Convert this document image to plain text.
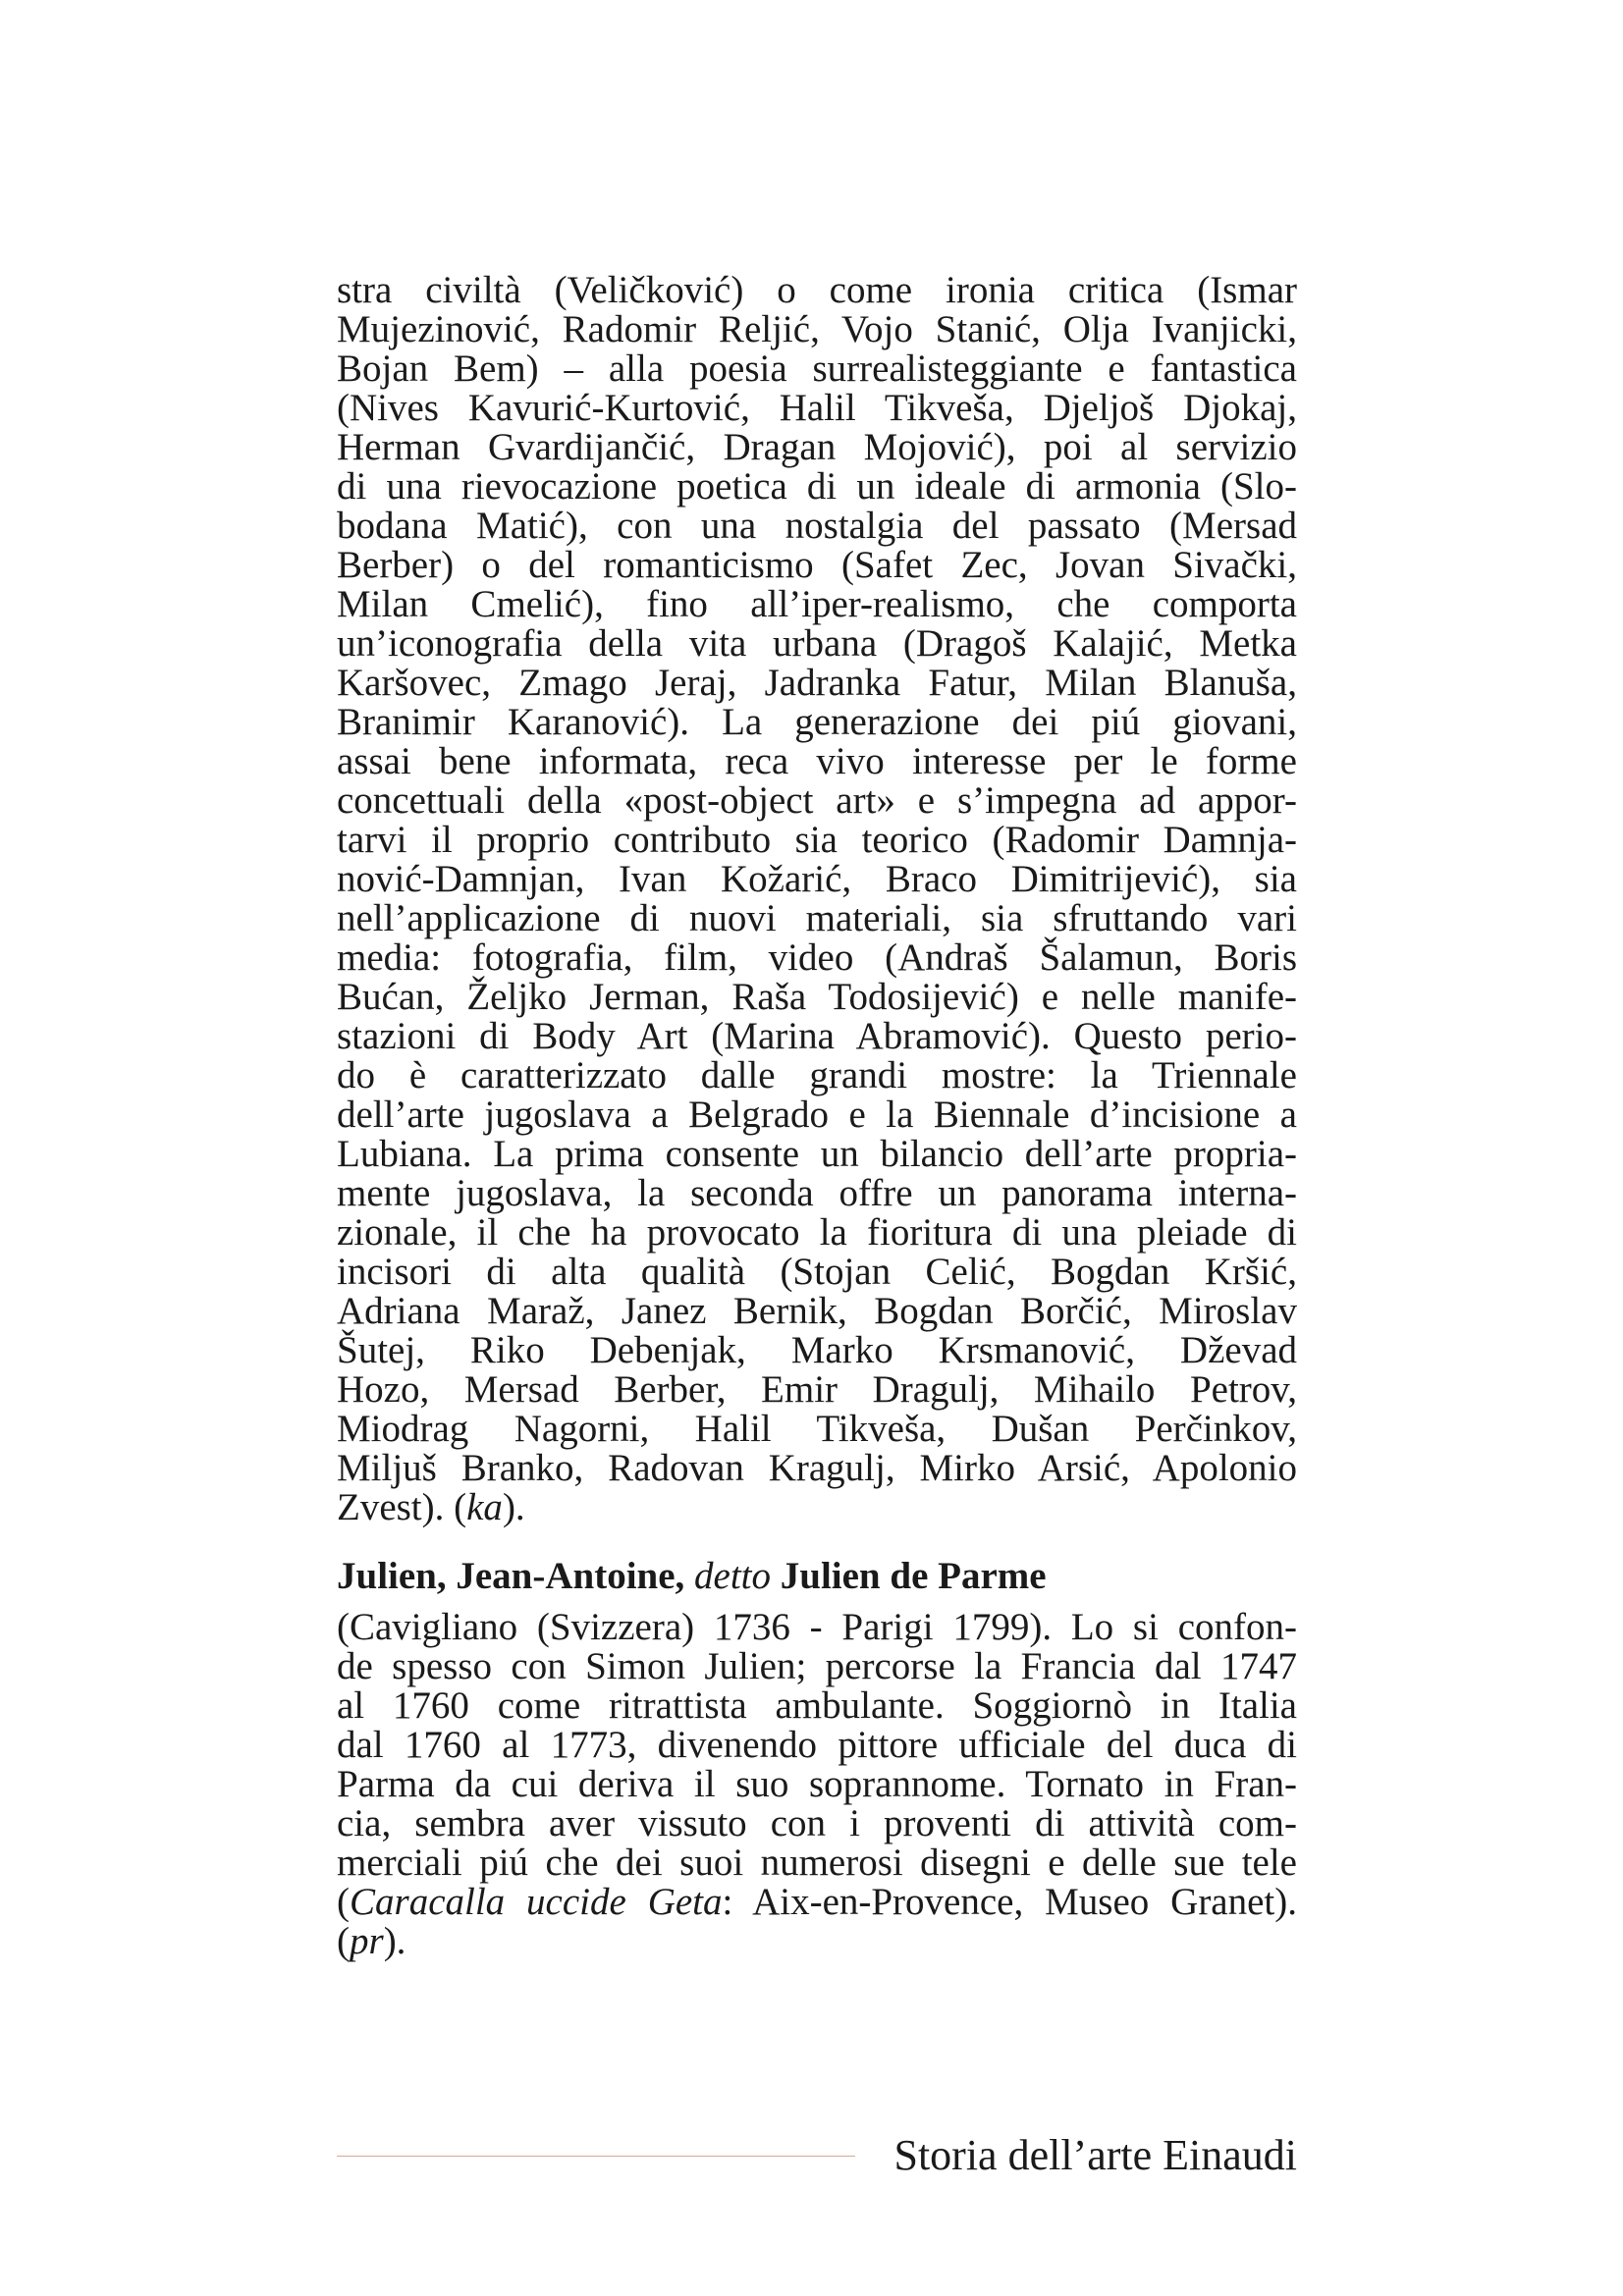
stra civiltà (Veličković) o come ironia critica (Ismar
Mujezinović, Radomir Reljić, Vojo Stanić, Olja Ivanjicki,
Bojan Bem) – alla poesia surrealisteggiante e fantastica
(Nives Kavurić-Kurtović, Halil Tikveša, Djeljoš Djokaj,
Herman Gvardijančić, Dragan Mojović), poi al servizio
di una rievocazione poetica di un ideale di armonia (Slo-
bodana Matić), con una nostalgia del passato (Mersad
Berber) o del romanticismo (Safet Zec, Jovan Sivački,
Milan Cmelić), fino all’iper-realismo, che comporta
un’iconografia della vita urbana (Dragoš Kalajić, Metka
Karšovec, Zmago Jeraj, Jadranka Fatur, Milan Blanuša,
Branimir Karanović). La generazione dei piú giovani,
assai bene informata, reca vivo interesse per le forme
concettuali della «post-object art» e s’impegna ad appor-
tarvi il proprio contributo sia teorico (Radomir Damnja-
nović-Damnjan, Ivan Kožarić, Braco Dimitrijević), sia
nell’applicazione di nuovi materiali, sia sfruttando vari
media: fotografia, film, video (Andraš Šalamun, Boris
Bućan, Željko Jerman, Raša Todosijević) e nelle manife-
stazioni di Body Art (Marina Abramović). Questo perio-
do è caratterizzato dalle grandi mostre: la Triennale
dell’arte jugoslava a Belgrado e la Biennale d’incisione a
Lubiana. La prima consente un bilancio dell’arte propria-
mente jugoslava, la seconda offre un panorama interna-
zionale, il che ha provocato la fioritura di una pleiade di
incisori di alta qualità (Stojan Celić, Bogdan Kršić,
Adriana Maraž, Janez Bernik, Bogdan Borčić, Miroslav
Šutej, Riko Debenjak, Marko Krsmanović, Dževad
Hozo, Mersad Berber, Emir Dragulj, Mihailo Petrov,
Miodrag Nagorni, Halil Tikveša, Dušan Perčinkov,
Miljuš Branko, Radovan Kragulj, Mirko Arsić, Apolonio
Zvest). (ka).
Julien, Jean-Antoine, detto Julien de Parme
(Cavigliano (Svizzera) 1736 - Parigi 1799). Lo si confon-
de spesso con Simon Julien; percorse la Francia dal 1747
al 1760 come ritrattista ambulante. Soggiornò in Italia
dal 1760 al 1773, divenendo pittore ufficiale del duca di
Parma da cui deriva il suo soprannome. Tornato in Fran-
cia, sembra aver vissuto con i proventi di attività com-
merciali piú che dei suoi numerosi disegni e delle sue tele
(Caracalla uccide Geta: Aix-en-Provence, Museo Granet).
(pr).
Storia dell’arte Einaudi
